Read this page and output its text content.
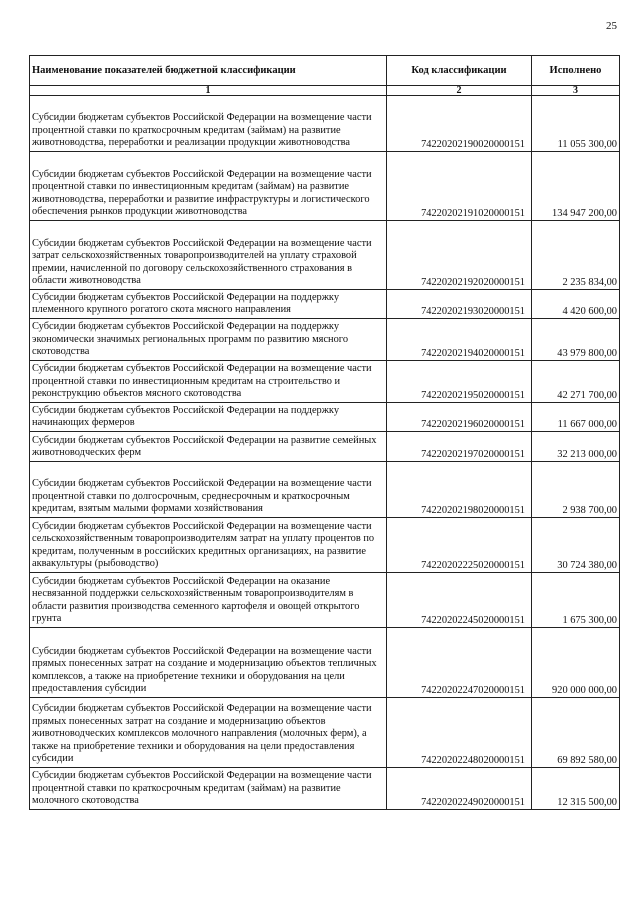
25
Наименование показателей бюджетной классификации	Код классификации	Исполнено
1	2	3
Субсидии бюджетам субъектов Российской Федерации на возмещение части процентной ставки по краткосрочным кредитам (займам) на развитие животноводства, переработки и реализации продукции животноводства	74220202190020000151	11 055 300,00
Субсидии бюджетам субъектов Российской Федерации на возмещение части процентной ставки по инвестиционным кредитам (займам) на развитие животноводства, переработки и развитие инфраструктуры и логистического обеспечения рынков продукции животноводства	74220202191020000151	134 947 200,00
Субсидии бюджетам субъектов Российской Федерации на возмещение части затрат сельскохозяйственных товаропроизводителей на уплату страховой премии, начисленной по договору сельскохозяйственного страхования в области животноводства	74220202192020000151	2 235 834,00
Субсидии бюджетам субъектов Российской Федерации на поддержку племенного крупного рогатого скота мясного направления	74220202193020000151	4 420 600,00
Субсидии бюджетам субъектов Российской Федерации на поддержку экономически значимых региональных программ по развитию мясного скотоводства	74220202194020000151	43 979 800,00
Субсидии бюджетам субъектов Российской Федерации на возмещение части процентной ставки по инвестиционным кредитам на строительство и реконструкцию объектов мясного скотоводства	74220202195020000151	42 271 700,00
Субсидии бюджетам субъектов Российской Федерации на поддержку начинающих фермеров	74220202196020000151	11 667 000,00
Субсидии бюджетам субъектов Российской Федерации на развитие семейных животноводческих ферм	74220202197020000151	32 213 000,00
Субсидии бюджетам субъектов Российской Федерации на возмещение части процентной ставки по долгосрочным, среднесрочным и краткосрочным кредитам, взятым малыми формами хозяйствования	74220202198020000151	2 938 700,00
Субсидии бюджетам субъектов Российской Федерации на возмещение части сельскохозяйственным товаропроизводителям затрат на уплату процентов по кредитам, полученным в российских кредитных организациях, на развитие аквакультуры (рыбоводство)	74220202225020000151	30 724 380,00
Субсидии бюджетам субъектов Российской Федерации на оказание несвязанной поддержки сельскохозяйственным товаропроизводителям в области развития производства семенного картофеля и овощей открытого грунта	74220202245020000151	1 675 300,00
Субсидии бюджетам субъектов Российской Федерации на возмещение части прямых понесенных затрат на создание и модернизацию объектов тепличных комплексов, а также на приобретение техники и оборудования на цели предоставления субсидии	74220202247020000151	920 000 000,00
Субсидии бюджетам субъектов Российской Федерации на возмещение части прямых понесенных затрат на создание и модернизацию объектов животноводческих комплексов молочного направления (молочных ферм), а также на приобретение техники и оборудования на цели предоставления субсидии	74220202248020000151	69 892 580,00
Субсидии бюджетам субъектов Российской Федерации на возмещение части процентной ставки по краткосрочным кредитам (займам) на развитие молочного скотоводства	74220202249020000151	12 315 500,00
